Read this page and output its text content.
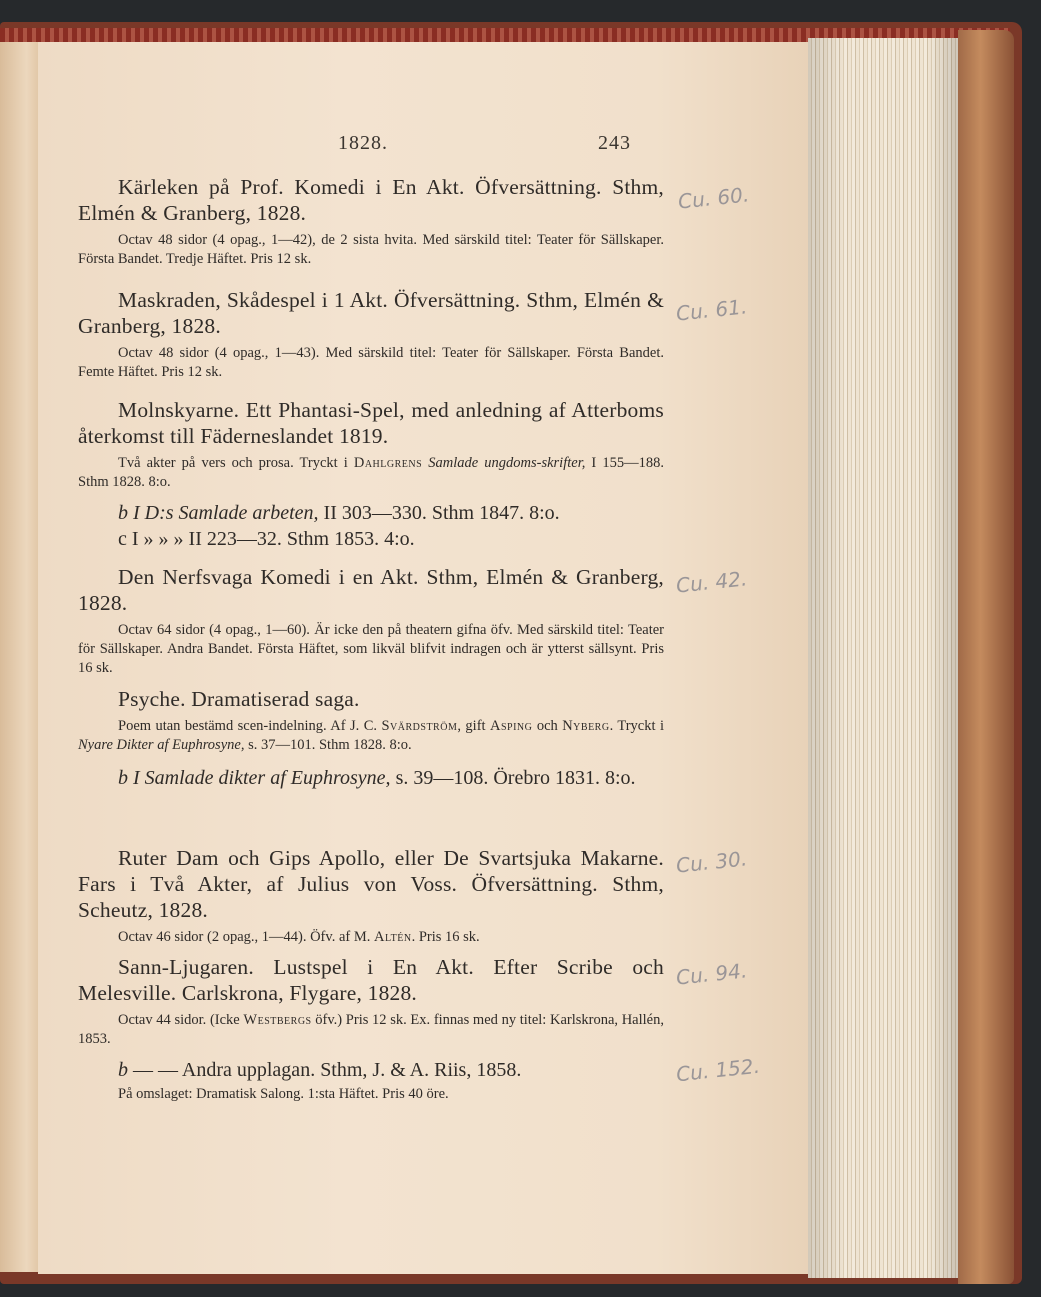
1828.	243

Kärleken på Prof. Komedi i En Akt. Öfversättning. Sthm, Elmén & Granberg, 1828.

Octav 48 sidor (4 opag., 1—42), de 2 sista hvita. Med särskild titel: Teater för Sällskaper. Första Bandet. Tredje Häftet. Pris 12 sk.

Cu. 60.

Maskraden, Skådespel i 1 Akt. Öfversättning. Sthm, Elmén & Granberg, 1828.

Octav 48 sidor (4 opag., 1—43). Med särskild titel: Teater för Sällskaper. Första Bandet. Femte Häftet. Pris 12 sk.

Cu. 61.

Molnskyarne. Ett Phantasi-Spel, med anledning af Atterboms återkomst till Fäderneslandet 1819.

Två akter på vers och prosa. Tryckt i Dahlgrens Samlade ungdoms-skrifter, I 155—188. Sthm 1828. 8:o.

b I D:s Samlade arbeten, II 303—330. Sthm 1847. 8:o.

c I » » » II 223—32. Sthm 1853. 4:o.

Den Nerfsvaga Komedi i en Akt. Sthm, Elmén & Granberg, 1828.

Octav 64 sidor (4 opag., 1—60). Är icke den på theatern gifna öfv. Med särskild titel: Teater för Sällskaper. Andra Bandet. Första Häftet, som likväl blifvit indragen och är ytterst sällsynt. Pris 16 sk.

Cu. 42.

Psyche. Dramatiserad saga.

Poem utan bestämd scen-indelning. Af J. C. Svärdström, gift Asping och Nyberg. Tryckt i Nyare Dikter af Euphrosyne, s. 37—101. Sthm 1828. 8:o.

b I Samlade dikter af Euphrosyne, s. 39—108. Örebro 1831. 8:o.

Ruter Dam och Gips Apollo, eller De Svartsjuka Makarne. Fars i Två Akter, af Julius von Voss. Öfversättning. Sthm, Scheutz, 1828.

Octav 46 sidor (2 opag., 1—44). Öfv. af M. Altén. Pris 16 sk.

Cu. 30.

Sann-Ljugaren. Lustspel i En Akt. Efter Scribe och Melesville. Carlskrona, Flygare, 1828.

Octav 44 sidor. (Icke Westbergs öfv.) Pris 12 sk. Ex. finnas med ny titel: Karlskrona, Hallén, 1853.

b — — Andra upplagan. Sthm, J. & A. Riis, 1858.

På omslaget: Dramatisk Salong. 1:sta Häftet. Pris 40 öre.

Cu. 94.
Cu. 152.
